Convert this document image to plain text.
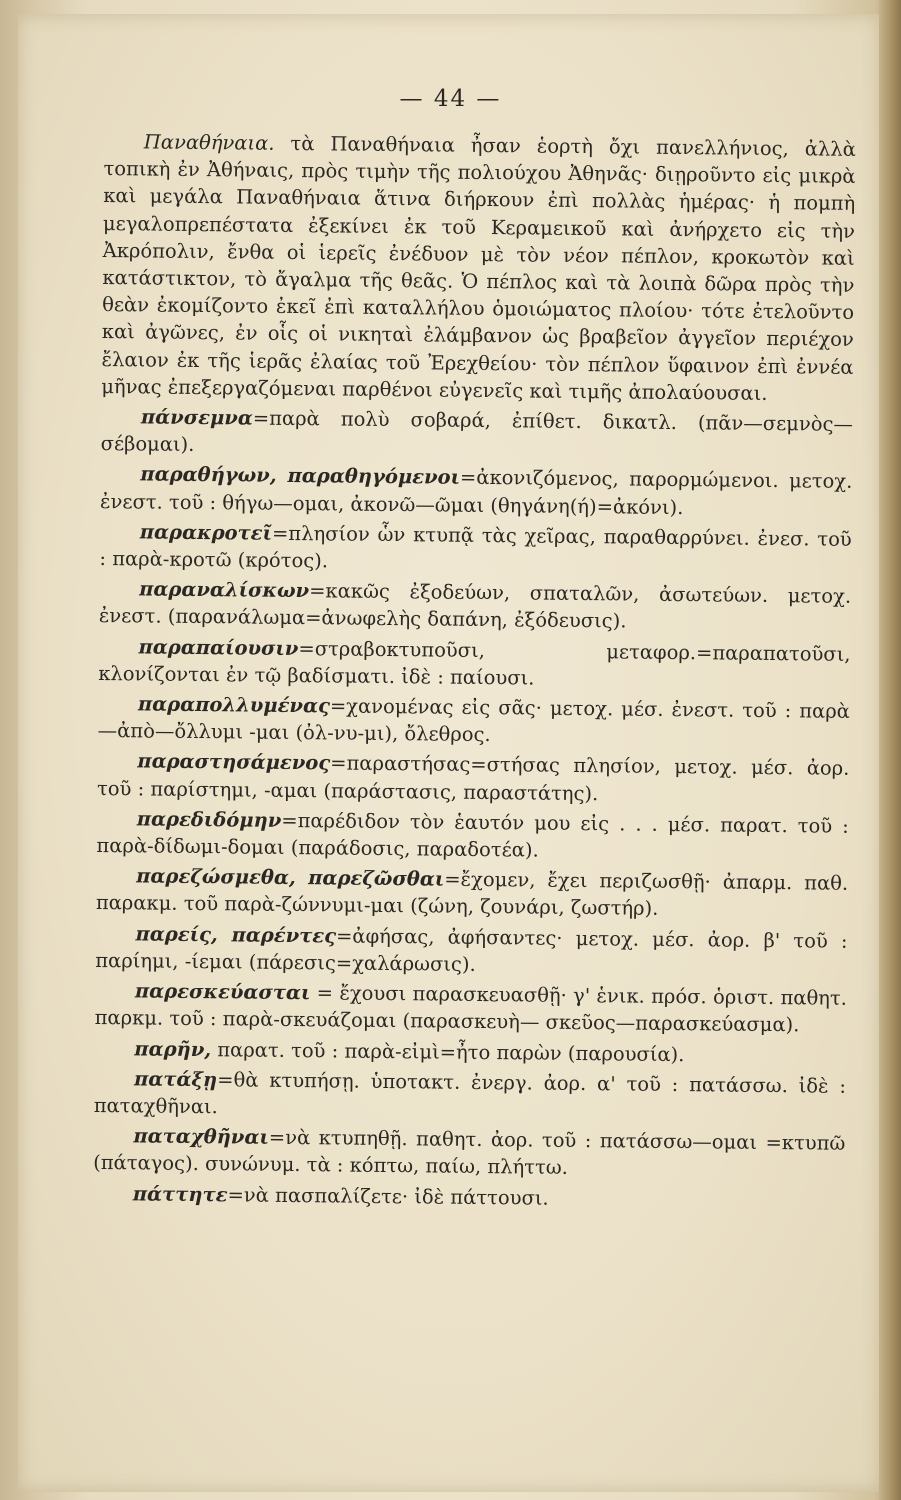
— 44 —

Παναθήναια. τὰ Παναθήναια ἦσαν ἑορτὴ ὄχι πανελλήνιος, ἀλλὰ τοπικὴ ἐν Ἀθήναις, πρὸς τιμὴν τῆς πολιούχου Ἀθηνᾶς· διῃροῦντο εἰς μικρὰ καὶ μεγάλα Παναθήναια ἅτινα διήρκουν ἐπὶ πολλὰς ἡμέρας· ἡ πομπὴ μεγαλοπρεπέστατα ἐξεκίνει ἐκ τοῦ Κεραμεικοῦ καὶ ἀνήρχετο εἰς τὴν Ἀκρόπολιν, ἔνθα οἱ ἱερεῖς ἐνέδυον μὲ τὸν νέον πέπλον, κροκωτὸν καὶ κατάστικτον, τὸ ἄγαλμα τῆς θεᾶς. Ὁ πέπλος καὶ τὰ λοιπὰ δῶρα πρὸς τὴν θεὰν ἐκομίζοντο ἐκεῖ ἐπὶ καταλλήλου ὁμοιώματος πλοίου· τότε ἐτελοῦντο καὶ ἀγῶνες, ἐν οἷς οἱ νικηταὶ ἐλάμβανον ὡς βραβεῖον ἀγγεῖον περιέχον ἔλαιον ἐκ τῆς ἱερᾶς ἐλαίας τοῦ Ἐρεχθείου· τὸν πέπλον ὕφαινον ἐπὶ ἐννέα μῆνας ἐπεξεργαζόμεναι παρθένοι εὐγενεῖς καὶ τιμῆς ἀπολαύουσαι.

πάνσεμνα=παρὰ πολὺ σοβαρά, ἐπίθετ. δικατλ. (πᾶν—σεμνὸς—σέβομαι).

παραθήγων, παραθηγόμενοι=ἀκονιζόμενος, παρορμώμενοι. μετοχ. ἐνεστ. τοῦ : θήγω—ομαι, ἀκονῶ—ῶμαι (θηγάνη(ή)=ἀκόνι).

παρακροτεῖ=πλησίον ὧν κτυπᾷ τὰς χεῖρας, παραθαρρύνει. ἐνεσ. τοῦ : παρὰ-κροτῶ (κρότος).

παραναλίσκων=κακῶς ἐξοδεύων, σπαταλῶν, ἀσωτεύων. μετοχ. ἐνεστ. (παρανάλωμα=ἀνωφελὴς δαπάνη, ἐξόδευσις).

παραπαίουσιν=στραβοκτυποῦσι, μεταφορ.=παραπατοῦσι, κλονίζονται ἐν τῷ βαδίσματι. ἰδὲ : παίουσι.

παραπολλυμένας=χανομένας εἰς σᾶς· μετοχ. μέσ. ἐνεστ. τοῦ : παρὰ—ἀπὸ—ὄλλυμι -μαι (ὀλ-νυ-μι), ὄλεθρος.

παραστησάμενος=παραστήσας=στήσας πλησίον, μετοχ. μέσ. ἀορ. τοῦ : παρίστημι, -αμαι (παράστασις, παραστάτης).

παρεδιδόμην=παρέδιδον τὸν ἑαυτόν μου εἰς . . . μέσ. παρατ. τοῦ : παρὰ-δίδωμι-δομαι (παράδοσις, παραδοτέα).

παρεζώσμεθα, παρεζῶσθαι=ἔχομεν, ἔχει περιζωσθῇ· ἀπαρμ. παθ. παρακμ. τοῦ παρὰ-ζώννυμι-μαι (ζώνη, ζουνάρι, ζωστήρ).

παρείς, παρέντες=ἀφήσας, ἀφήσαντες· μετοχ. μέσ. ἀορ. β' τοῦ : παρίημι, -ίεμαι (πάρεσις=χαλάρωσις).

παρεσκεύασται = ἔχουσι παρασκευασθῇ· γ' ἑνικ. πρόσ. ὁριστ. παθητ. παρκμ. τοῦ : παρὰ-σκευάζομαι (παρασκευὴ— σκεῦος—παρασκεύασμα).

παρῆν, παρατ. τοῦ : παρὰ-εἰμὶ=ἦτο παρὼν (παρουσία).

πατάξῃ=θὰ κτυπήσῃ. ὑποτακτ. ἐνεργ. ἀορ. α' τοῦ : πατάσσω. ἰδὲ : παταχθῆναι.

παταχθῆναι=νὰ κτυπηθῇ. παθητ. ἀορ. τοῦ : πατάσσω—ομαι =κτυπῶ (πάταγος). συνώνυμ. τὰ : κόπτω, παίω, πλήττω.

πάττητε=νὰ πασπαλίζετε· ἰδὲ πάττουσι.
